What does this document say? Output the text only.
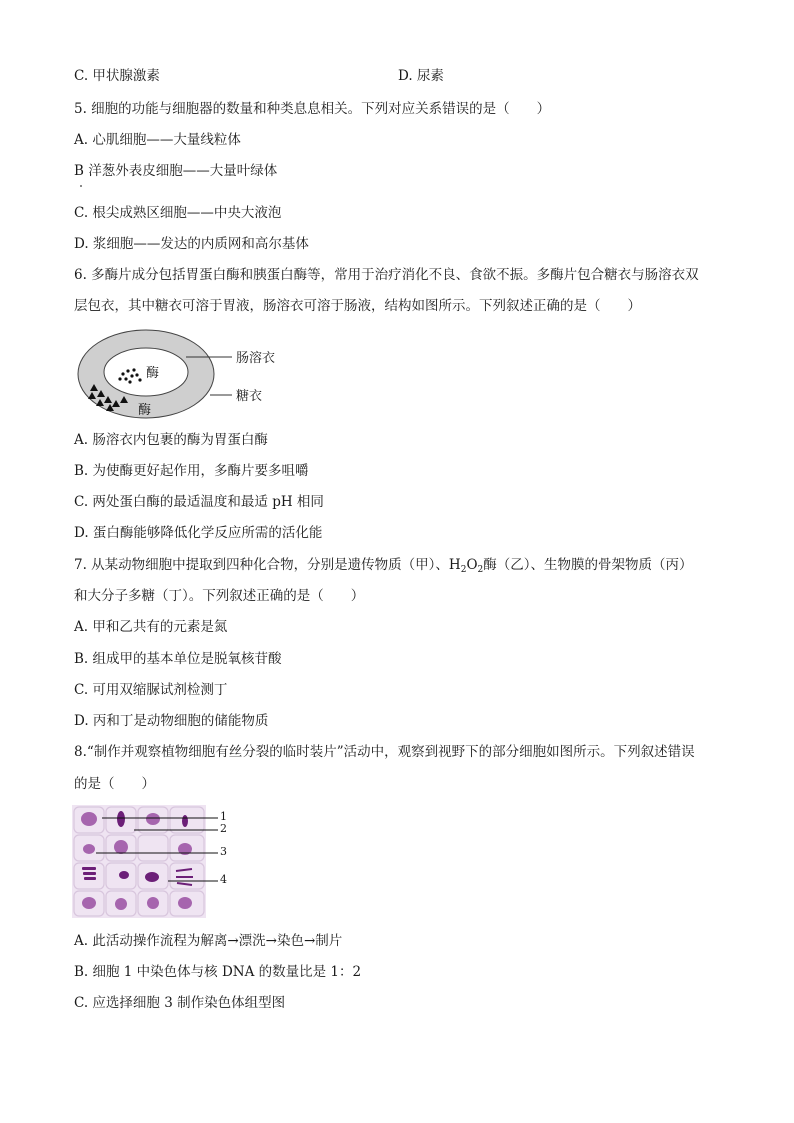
C. 甲状腺激素	D. 尿素
5. 细胞的功能与细胞器的数量和种类息息相关。下列对应关系错误的是（　　）
A. 心肌细胞——大量线粒体
B 洋葱外表皮细胞——大量叶绿体
C. 根尖成熟区细胞——中央大液泡
D. 浆细胞——发达的内质网和高尔基体
6. 多酶片成分包括胃蛋白酶和胰蛋白酶等，常用于治疗消化不良、食欲不振。多酶片包合糖衣与肠溶衣双
层包衣，其中糖衣可溶于胃液，肠溶衣可溶于肠液，结构如图所示。下列叙述正确的是（　　）
酶
酶
肠溶衣
糖衣
A. 肠溶衣内包裹的酶为胃蛋白酶
B. 为使酶更好起作用，多酶片要多咀嚼
C. 两处蛋白酶的最适温度和最适 pH 相同
D. 蛋白酶能够降低化学反应所需的活化能
7. 从某动物细胞中提取到四种化合物，分别是遗传物质（甲）、$H_2O_2$酶（乙）、生物膜的骨架物质（丙）
和大分子多糖（丁）。下列叙述正确的是（　　）
A. 甲和乙共有的元素是氮
B. 组成甲的基本单位是脱氧核苷酸
C. 可用双缩脲试剂检测丁
D. 丙和丁是动物细胞的储能物质
8.“制作并观察植物细胞有丝分裂的临时装片”活动中，观察到视野下的部分细胞如图所示。下列叙述错误
的是（　　）
1
2
3
4
A. 此活动操作流程为解离→漂洗→染色→制片
B. 细胞 1 中染色体与核 DNA 的数量比是 1：2
C. 应选择细胞 3 制作染色体组型图
